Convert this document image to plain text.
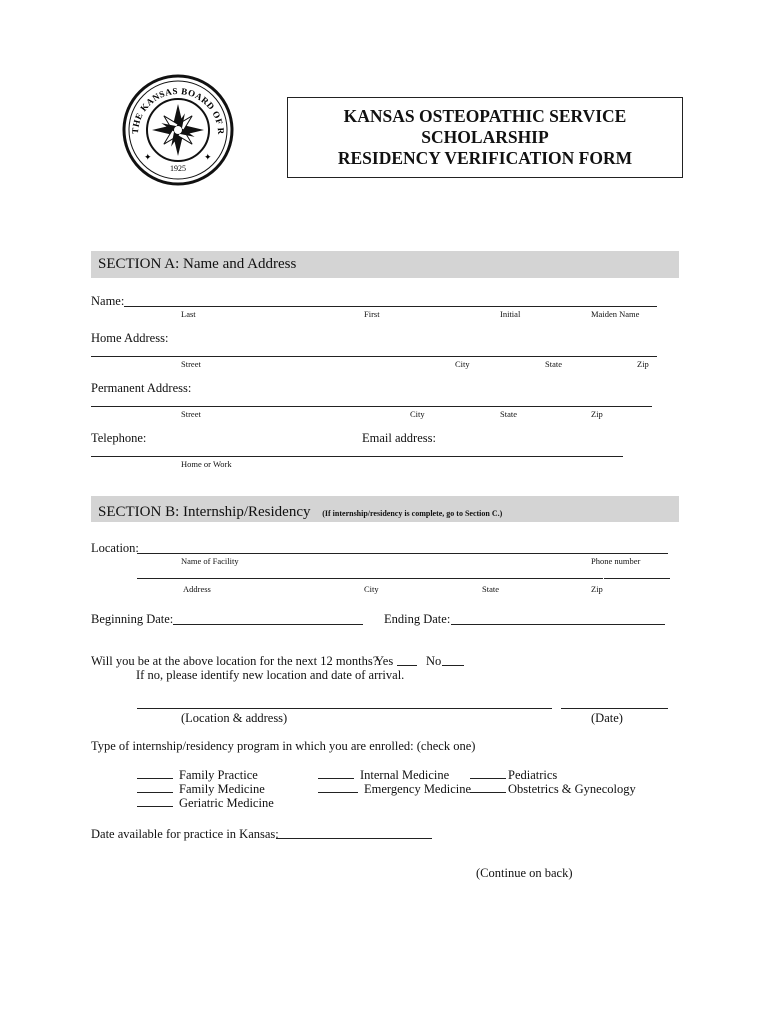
THE KANSAS BOARD OF R
1925
✦	✦
KANSAS OSTEOPATHIC SERVICE
SCHOLARSHIP
RESIDENCY VERIFICATION FORM
SECTION A: Name and Address
Name:
Last	First	Initial	Maiden Name
Home Address:
Street	City	State	Zip
Permanent Address:
Street	City	State	Zip
Telephone:	Email address:
Home or Work
SECTION B: Internship/Residency (If internship/residency is complete, go to Section C.)
Location:
Name of Facility	Phone number
Address	City	State	Zip
Beginning Date:	Ending Date:
Will you be at the above location for the next 12 months?
Yes	No
If no, please identify new location and date of arrival.
(Location & address)	(Date)
Type of internship/residency program in which you are enrolled: (check one)
Family Practice
Family Medicine
Geriatric Medicine
Internal Medicine
Emergency Medicine
Pediatrics
Obstetrics & Gynecology
Date available for practice in Kansas:
(Continue on back)
